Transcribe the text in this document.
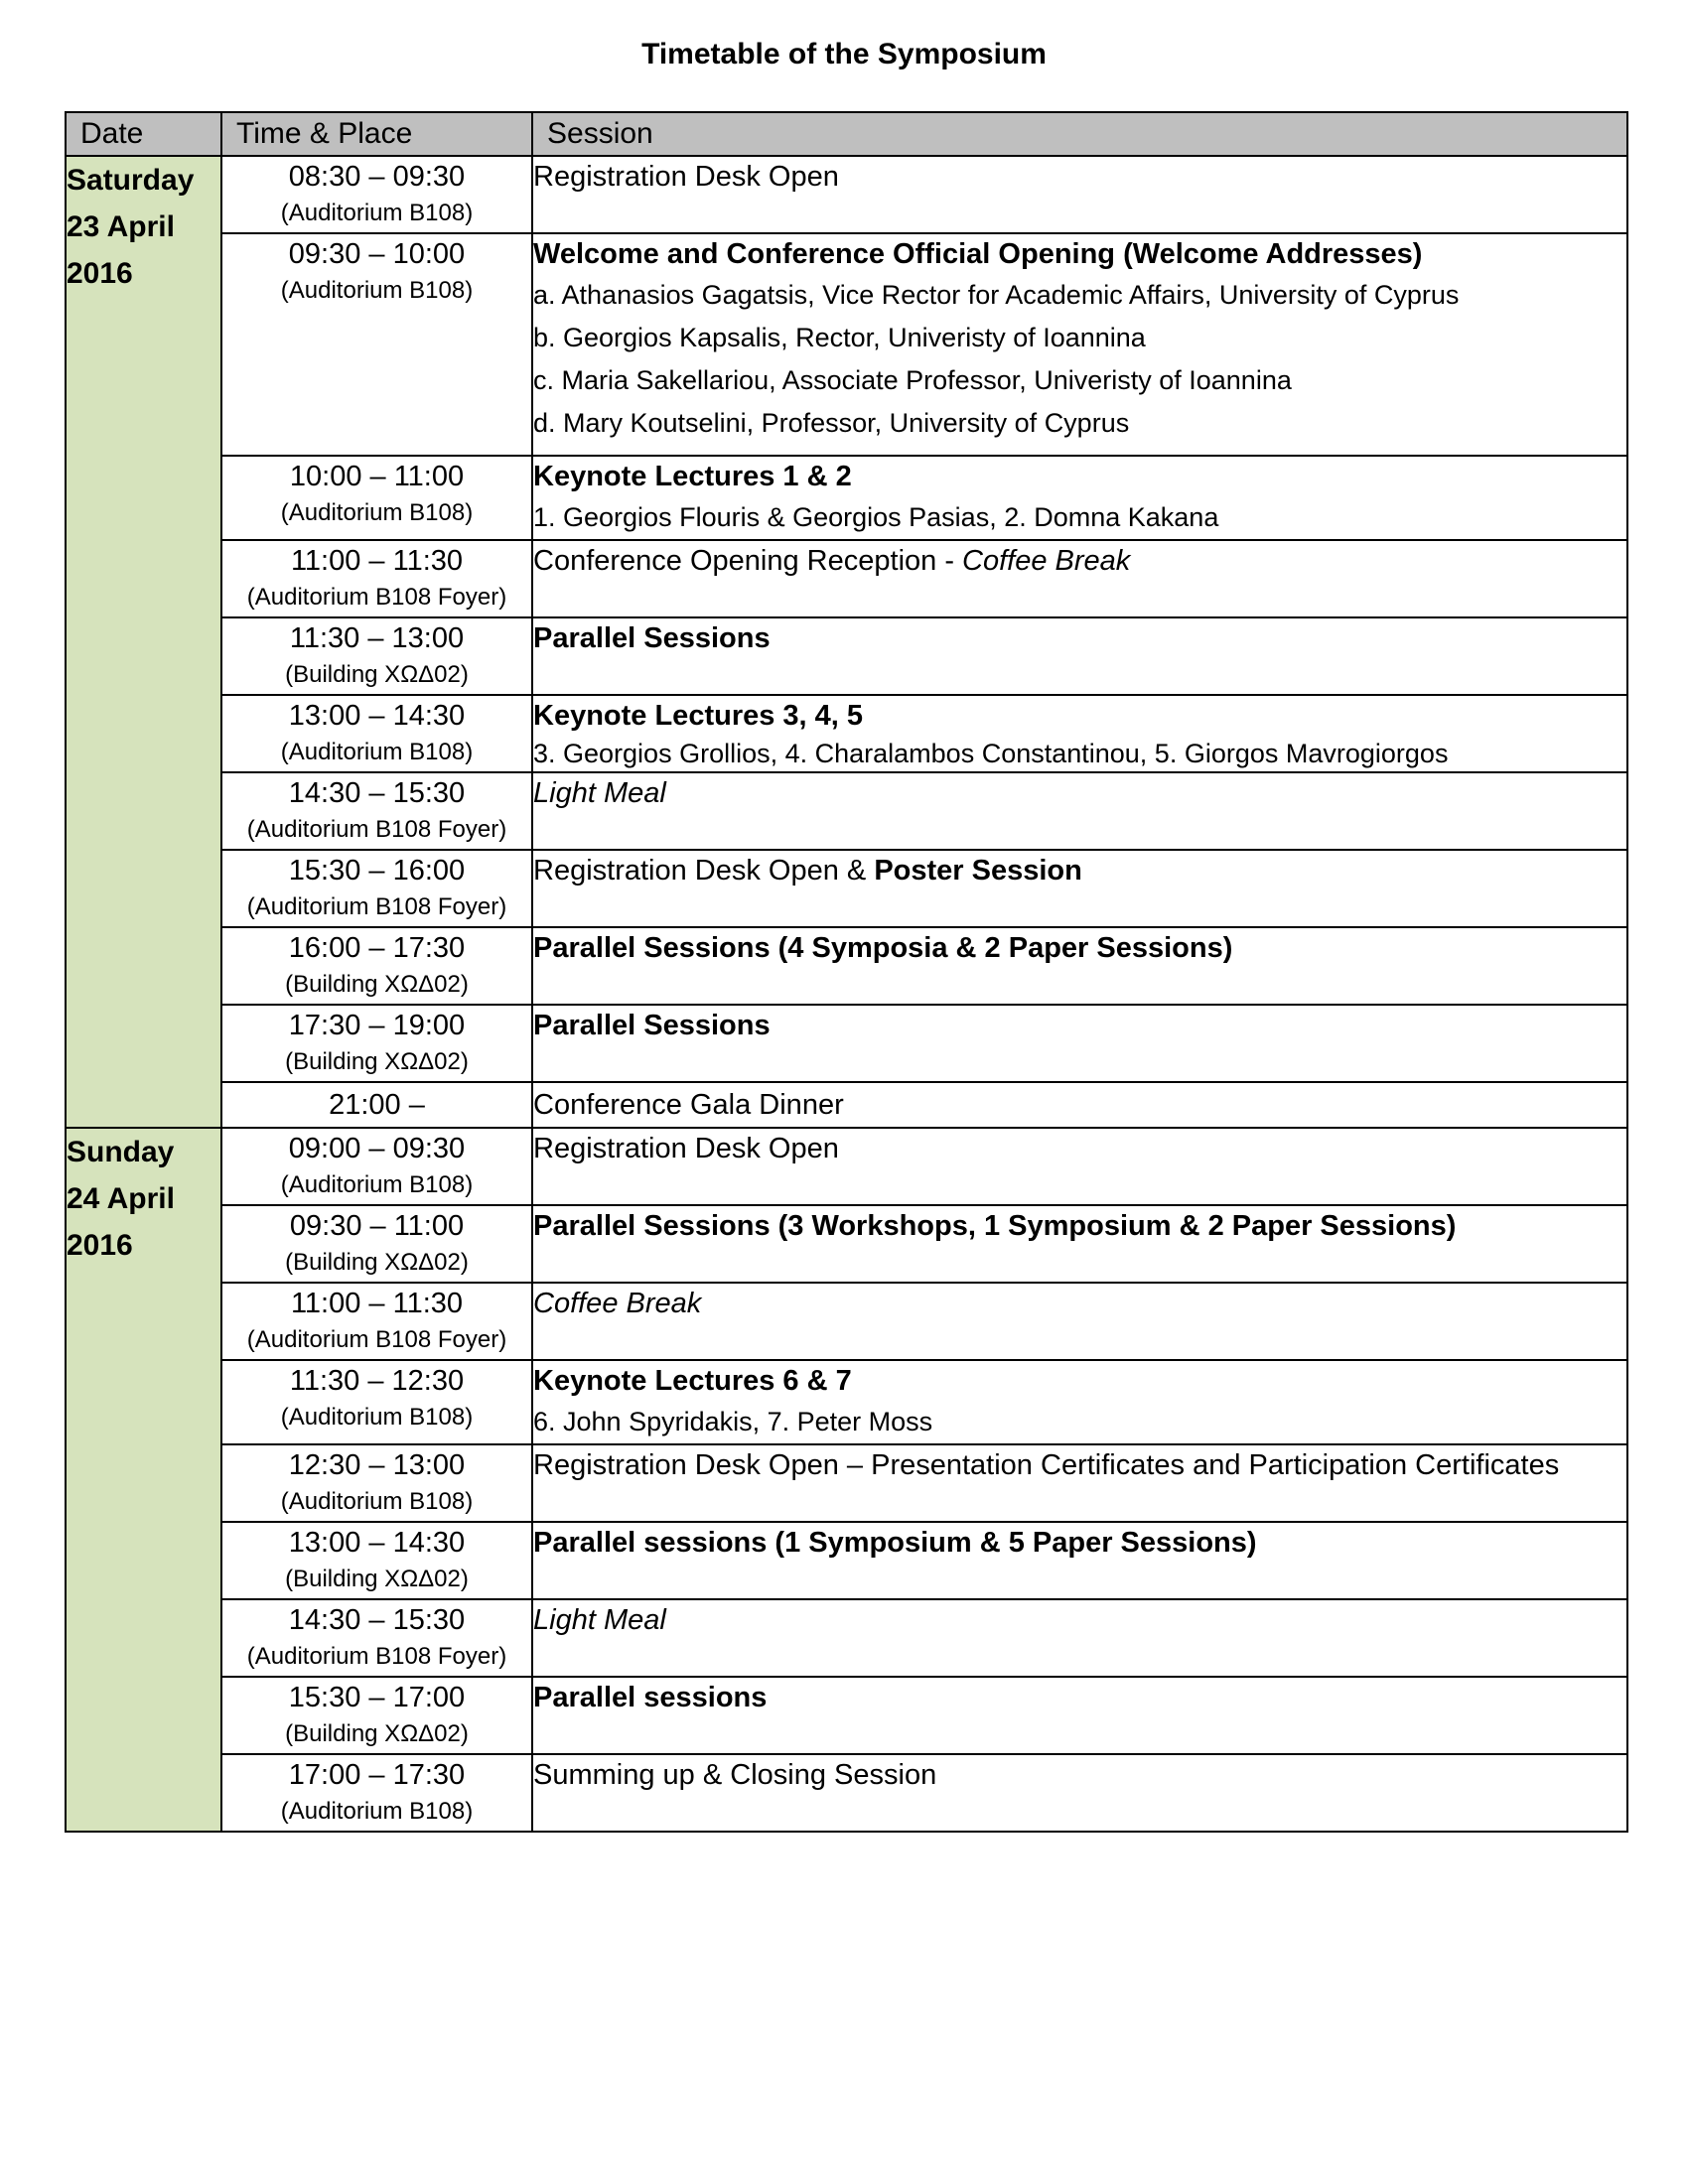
Timetable of the Symposium
Date	Time & Place	Session

Saturday
23 April
2016	08:30 – 09:30
(Auditorium B108)	Registration Desk Open

	09:30 – 10:00
(Auditorium B108)	Welcome and Conference Official Opening (Welcome Addresses)
a. Athanasios Gagatsis, Vice Rector for Academic Affairs, University of Cyprus
b. Georgios Kapsalis, Rector, Univeristy of Ioannina
c. Maria Sakellariou, Associate Professor, Univeristy of Ioannina
d. Mary Koutselini, Professor, University of Cyprus

	10:00 – 11:00
(Auditorium B108)	Keynote Lectures 1 & 2
1. Georgios Flouris & Georgios Pasias, 2. Domna Kakana

	11:00 – 11:30
(Auditorium B108 Foyer)	Conference Opening Reception - Coffee Break

	11:30 – 13:00
(Building ΧΩΔ02)	Parallel Sessions

	13:00 – 14:30
(Auditorium B108)	Keynote Lectures 3, 4, 5
3. Georgios Grollios, 4. Charalambos Constantinou, 5. Giorgos Mavrogiorgos

	14:30 – 15:30
(Auditorium B108 Foyer)	Light Meal

	15:30 – 16:00
(Auditorium B108 Foyer)	Registration Desk Open & Poster Session

	16:00 – 17:30
(Building ΧΩΔ02)	Parallel Sessions (4 Symposia & 2 Paper Sessions)

	17:30 – 19:00
(Building ΧΩΔ02)	Parallel Sessions

	21:00 –	Conference Gala Dinner

Sunday
24 April
2016	09:00 – 09:30
(Auditorium B108)	Registration Desk Open

	09:30 – 11:00
(Building ΧΩΔ02)	Parallel Sessions (3 Workshops, 1 Symposium & 2 Paper Sessions)

	11:00 – 11:30
(Auditorium B108 Foyer)	Coffee Break

	11:30 – 12:30
(Auditorium B108)	Keynote Lectures 6 & 7
6. John Spyridakis, 7. Peter Moss

	12:30 – 13:00
(Auditorium B108)	Registration Desk Open – Presentation Certificates and Participation Certificates

	13:00 – 14:30
(Building ΧΩΔ02)	Parallel sessions (1 Symposium & 5 Paper Sessions)

	14:30 – 15:30
(Auditorium B108 Foyer)	Light Meal

	15:30 – 17:00
(Building ΧΩΔ02)	Parallel sessions

	17:00 – 17:30
(Auditorium B108)	Summing up & Closing Session
